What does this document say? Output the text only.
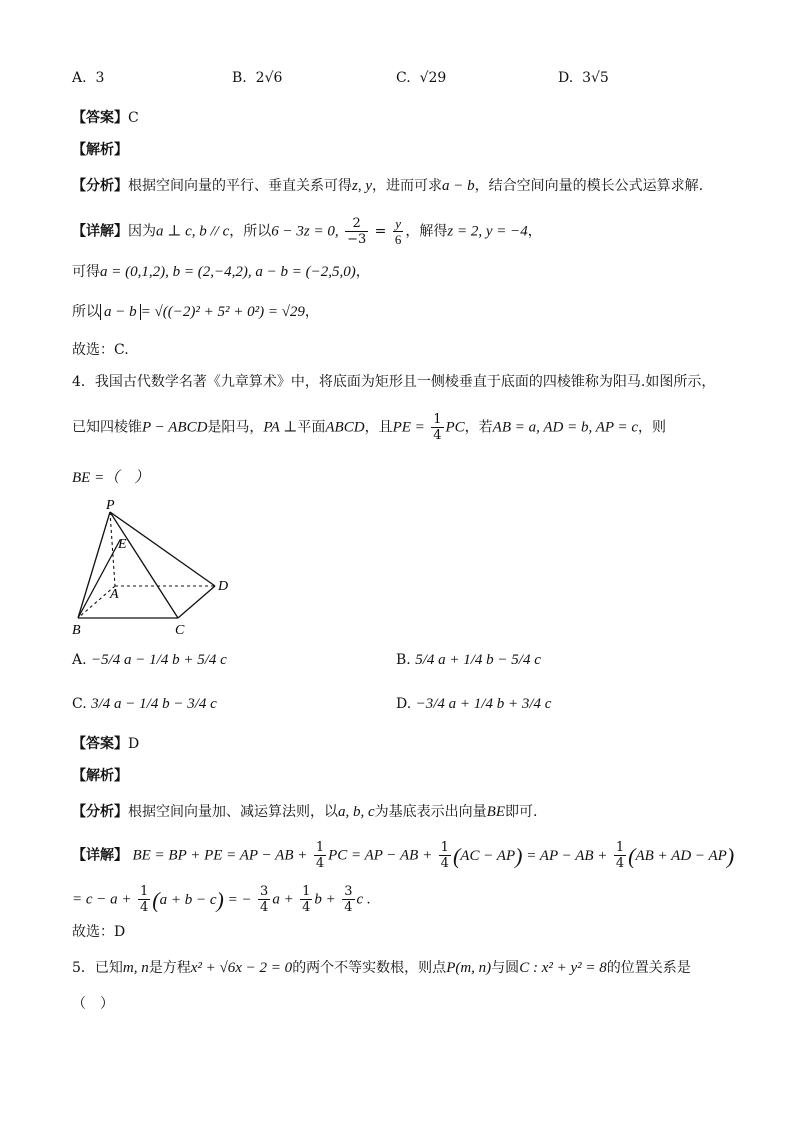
A. 3	B. 2√6	C. √29	D. 3√5
【答案】C
【解析】
【分析】根据空间向量的平行、垂直关系可得z, y，进而可求a − b，结合空间向量的模长公式运算求解.
【详解】因为a ⊥ c, b // c，所以6 − 3z = 0, $\frac{2}{-3} = \frac{y}{6}$ ，解得z = 2, y = −4，
可得a = (0,1,2), b = (2,−4,2), a − b = (−2,5,0)，
所以 a − b = √((−2)² + 5² + 0²) = √29，
故选：C.
4．我国古代数学名著《九章算术》中，将底面为矩形且一侧棱垂直于底面的四棱锥称为阳马.如图所示，
已知四棱锥P − ABCD是阳马，PA ⊥平面ABCD，且PE = $\frac{1}{4}$ PC，若AB = a, AD = b, AP = c，则
BE =（　）
P
E
A
D
B	C
A. −5/4 a − 1/4 b + 5/4 c	B. 5/4 a + 1/4 b − 5/4 c
C. 3/4 a − 1/4 b − 3/4 c	D. −3/4 a + 1/4 b + 3/4 c
【答案】D
【解析】
【分析】根据空间向量加、减运算法则，以a, b, c为基底表示出向量BE即可.
【详解】 BE = BP + PE = AP − AB + $\frac{1}{4}$ PC = AP − AB + $\frac{1}{4} (AC - AP)$ = AP − AB + $\frac{1}{4} (AB$ + AD − AP)
= $c - a + \frac{1}{4} (a + b - c)$ = − $\frac{3}{4}$ $a + \frac{1}{4}$ $b + \frac{3}{4}$ c .
故选：D
5．已知m, n是方程x² + √6x − 2 = 0的两个不等实数根，则点P(m, n)与圆C : x² + y² = 8的位置关系是
（　）
